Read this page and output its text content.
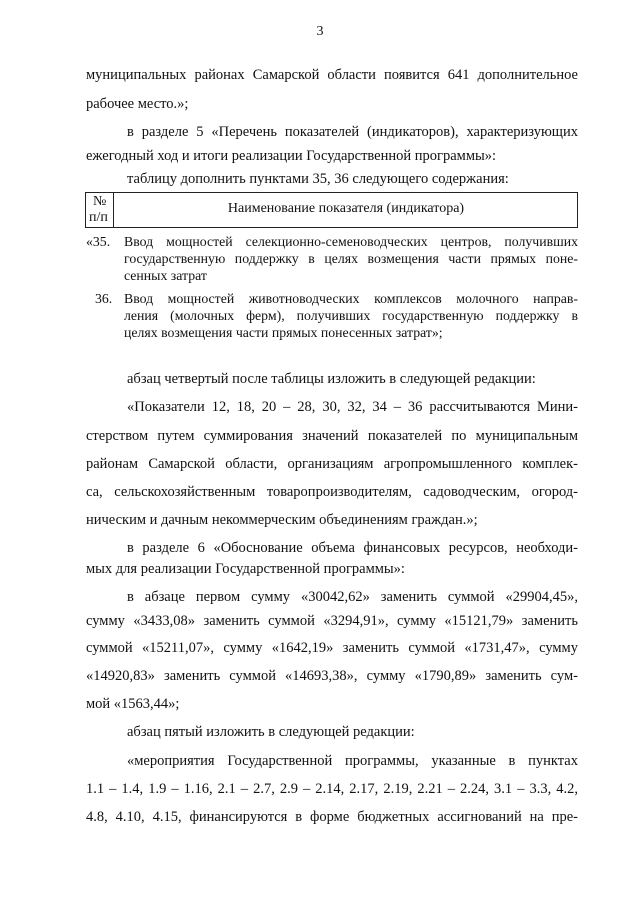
3
муниципальных районах Самарской области появится 641 дополнительное
рабочее место.»;
в разделе 5 «Перечень показателей (индикаторов), характеризующих
ежегодный ход и итоги реализации Государственной программы»:
таблицу дополнить пунктами 35, 36 следующего содержания:
№
п/п
Наименование показателя (индикатора)
«35. Ввод мощностей селекционно-семеноводческих центров, получивших
государственную поддержку в целях возмещения части прямых поне-
сенных затрат
36. Ввод мощностей животноводческих комплексов молочного направ-
ления (молочных ферм), получивших государственную поддержку в
целях возмещения части прямых понесенных затрат»;
абзац четвертый после таблицы изложить в следующей редакции:
«Показатели 12, 18, 20 – 28, 30, 32, 34 – 36 рассчитываются Мини-
стерством путем суммирования значений показателей по муниципальным
районам Самарской области, организациям агропромышленного комплек-
са, сельскохозяйственным товаропроизводителям, садоводческим, огород-
ническим и дачным некоммерческим объединениям граждан.»;
в разделе 6 «Обоснование объема финансовых ресурсов, необходи-
мых для реализации Государственной программы»:
в абзаце первом сумму «30042,62» заменить суммой «29904,45»,
сумму «3433,08» заменить суммой «3294,91», сумму «15121,79» заменить
суммой «15211,07», сумму «1642,19» заменить суммой «1731,47», сумму
«14920,83» заменить суммой «14693,38», сумму «1790,89» заменить сум-
мой «1563,44»;
абзац пятый изложить в следующей редакции:
«мероприятия Государственной программы, указанные в пунктах
1.1 – 1.4, 1.9 – 1.16, 2.1 – 2.7, 2.9 – 2.14, 2.17, 2.19, 2.21 – 2.24, 3.1 – 3.3, 4.2,
4.8, 4.10, 4.15, финансируются в форме бюджетных ассигнований на пре-
